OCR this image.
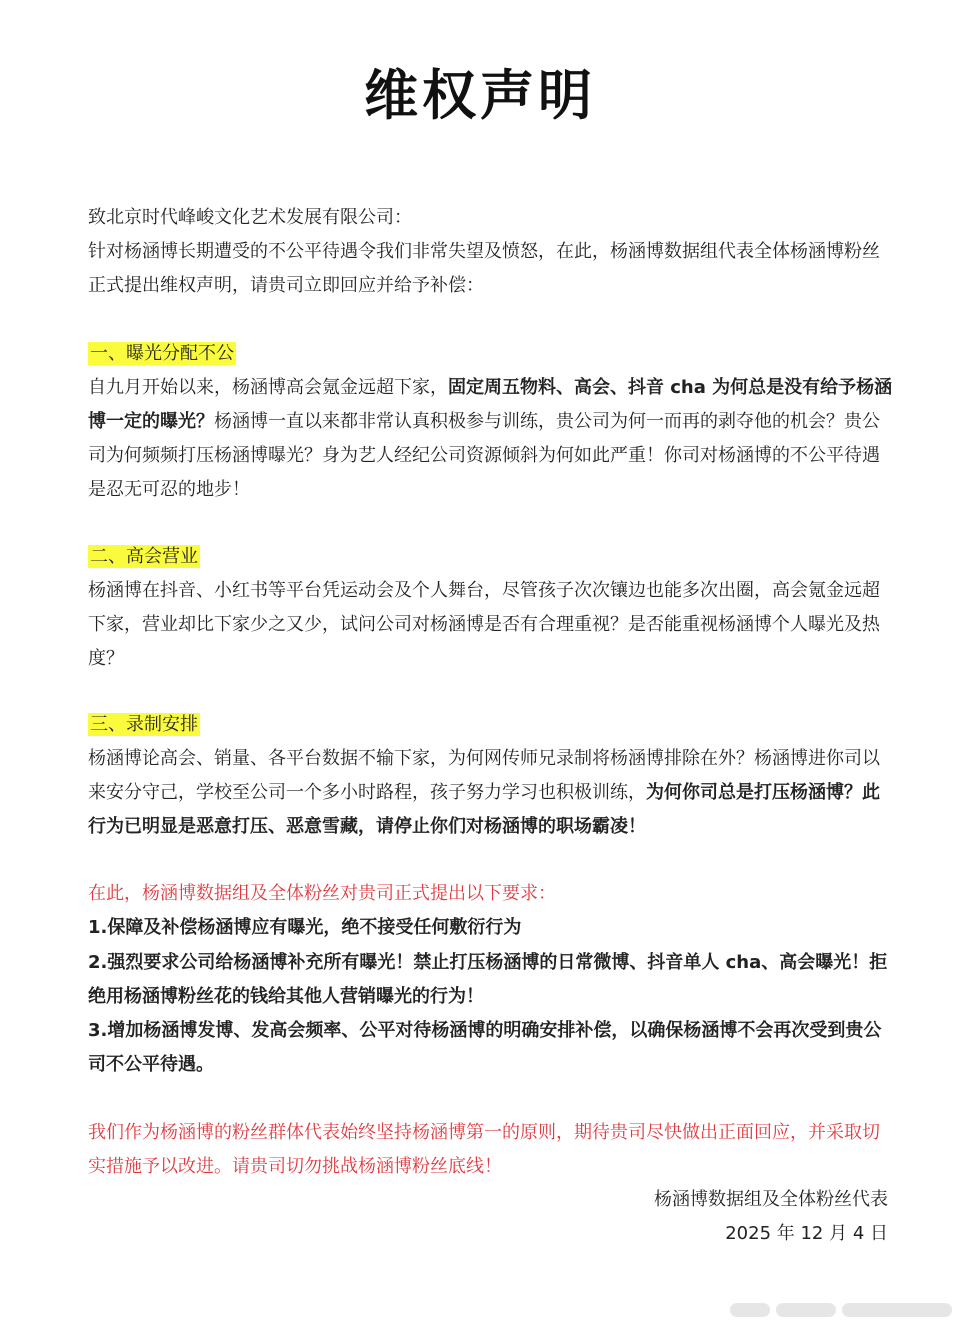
维权声明
致北京时代峰峻文化艺术发展有限公司：
针对杨涵博长期遭受的不公平待遇令我们非常失望及愤怒，在此，杨涵博数据组代表全体杨涵博粉丝
正式提出维权声明，请贵司立即回应并给予补偿：
一、曝光分配不公
自九月开始以来，杨涵博高会氪金远超下家，固定周五物料、高会、抖音 cha 为何总是没有给予杨涵
博一定的曝光？杨涵博一直以来都非常认真积极参与训练，贵公司为何一而再的剥夺他的机会？贵公
司为何频频打压杨涵博曝光？身为艺人经纪公司资源倾斜为何如此严重！你司对杨涵博的不公平待遇
是忍无可忍的地步！
二、高会营业
杨涵博在抖音、小红书等平台凭运动会及个人舞台，尽管孩子次次镶边也能多次出圈，高会氪金远超
下家，营业却比下家少之又少，试问公司对杨涵博是否有合理重视？是否能重视杨涵博个人曝光及热
度？
三、录制安排
杨涵博论高会、销量、各平台数据不输下家，为何网传师兄录制将杨涵博排除在外？杨涵博进你司以
来安分守己，学校至公司一个多小时路程，孩子努力学习也积极训练，为何你司总是打压杨涵博？此
行为已明显是恶意打压、恶意雪藏，请停止你们对杨涵博的职场霸凌！
在此，杨涵博数据组及全体粉丝对贵司正式提出以下要求：
1.保障及补偿杨涵博应有曝光，绝不接受任何敷衍行为
2.强烈要求公司给杨涵博补充所有曝光！禁止打压杨涵博的日常微博、抖音单人 cha、高会曝光！拒
绝用杨涵博粉丝花的钱给其他人营销曝光的行为！
3.增加杨涵博发博、发高会频率、公平对待杨涵博的明确安排补偿，以确保杨涵博不会再次受到贵公
司不公平待遇。
我们作为杨涵博的粉丝群体代表始终坚持杨涵博第一的原则，期待贵司尽快做出正面回应，并采取切
实措施予以改进。请贵司切勿挑战杨涵博粉丝底线！
杨涵博数据组及全体粉丝代表
2025 年 12 月 4 日
